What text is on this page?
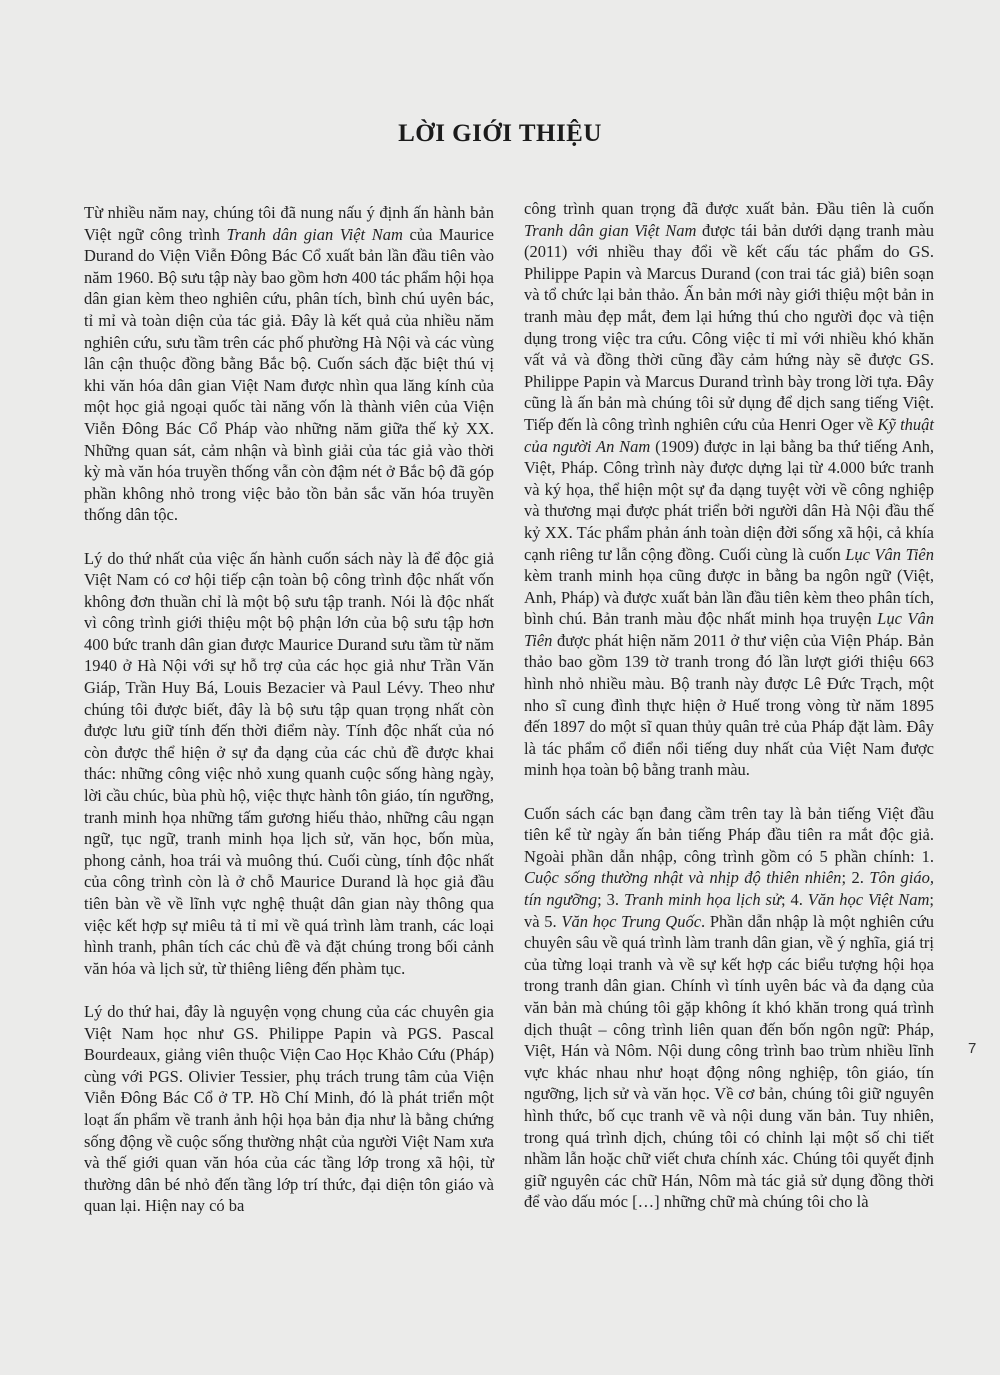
LỜI GIỚI THIỆU

Từ nhiều năm nay, chúng tôi đã nung nấu ý định ấn hành bản Việt ngữ công trình Tranh dân gian Việt Nam của Maurice Durand do Viện Viễn Đông Bác Cổ xuất bản lần đầu tiên vào năm 1960. Bộ sưu tập này bao gồm hơn 400 tác phẩm hội họa dân gian kèm theo nghiên cứu, phân tích, bình chú uyên bác, tỉ mỉ và toàn diện của tác giả. Đây là kết quả của nhiều năm nghiên cứu, sưu tầm trên các phố phường Hà Nội và các vùng lân cận thuộc đồng bằng Bắc bộ. Cuốn sách đặc biệt thú vị khi văn hóa dân gian Việt Nam được nhìn qua lăng kính của một học giả ngoại quốc tài năng vốn là thành viên của Viện Viễn Đông Bác Cổ Pháp vào những năm giữa thế kỷ XX. Những quan sát, cảm nhận và bình giải của tác giả vào thời kỳ mà văn hóa truyền thống vẫn còn đậm nét ở Bắc bộ đã góp phần không nhỏ trong việc bảo tồn bản sắc văn hóa truyền thống dân tộc.

Lý do thứ nhất của việc ấn hành cuốn sách này là để độc giả Việt Nam có cơ hội tiếp cận toàn bộ công trình độc nhất vốn không đơn thuần chỉ là một bộ sưu tập tranh. Nói là độc nhất vì công trình giới thiệu một bộ phận lớn của bộ sưu tập hơn 400 bức tranh dân gian được Maurice Durand sưu tầm từ năm 1940 ở Hà Nội với sự hỗ trợ của các học giả như Trần Văn Giáp, Trần Huy Bá, Louis Bezacier và Paul Lévy. Theo như chúng tôi được biết, đây là bộ sưu tập quan trọng nhất còn được lưu giữ tính đến thời điểm này. Tính độc nhất của nó còn được thể hiện ở sự đa dạng của các chủ đề được khai thác: những công việc nhỏ xung quanh cuộc sống hàng ngày, lời cầu chúc, bùa phù hộ, việc thực hành tôn giáo, tín ngưỡng, tranh minh họa những tấm gương hiếu thảo, những câu ngạn ngữ, tục ngữ, tranh minh họa lịch sử, văn học, bốn mùa, phong cảnh, hoa trái và muông thú. Cuối cùng, tính độc nhất của công trình còn là ở chỗ Maurice Durand là học giả đầu tiên bàn về về lĩnh vực nghệ thuật dân gian này thông qua việc kết hợp sự miêu tả tỉ mỉ về quá trình làm tranh, các loại hình tranh, phân tích các chủ đề và đặt chúng trong bối cảnh văn hóa và lịch sử, từ thiêng liêng đến phàm tục.

Lý do thứ hai, đây là nguyện vọng chung của các chuyên gia Việt Nam học như GS. Philippe Papin và PGS. Pascal Bourdeaux, giảng viên thuộc Viện Cao Học Khảo Cứu (Pháp) cùng với PGS. Olivier Tessier, phụ trách trung tâm của Viện Viễn Đông Bác Cổ ở TP. Hồ Chí Minh, đó là phát triển một loạt ấn phẩm về tranh ảnh hội họa bản địa như là bằng chứng sống động về cuộc sống thường nhật của người Việt Nam xưa và thế giới quan văn hóa của các tầng lớp trong xã hội, từ thường dân bé nhỏ đến tầng lớp trí thức, đại diện tôn giáo và quan lại. Hiện nay có ba

công trình quan trọng đã được xuất bản. Đầu tiên là cuốn Tranh dân gian Việt Nam được tái bản dưới dạng tranh màu (2011) với nhiều thay đổi về kết cấu tác phẩm do GS. Philippe Papin và Marcus Durand (con trai tác giả) biên soạn và tổ chức lại bản thảo. Ấn bản mới này giới thiệu một bản in tranh màu đẹp mắt, đem lại hứng thú cho người đọc và tiện dụng trong việc tra cứu. Công việc tỉ mỉ với nhiều khó khăn vất vả và đồng thời cũng đầy cảm hứng này sẽ được GS. Philippe Papin và Marcus Durand trình bày trong lời tựa. Đây cũng là ấn bản mà chúng tôi sử dụng để dịch sang tiếng Việt. Tiếp đến là công trình nghiên cứu của Henri Oger về Kỹ thuật của người An Nam (1909) được in lại bằng ba thứ tiếng Anh, Việt, Pháp. Công trình này được dựng lại từ 4.000 bức tranh và ký họa, thể hiện một sự đa dạng tuyệt vời về công nghiệp và thương mại được phát triển bởi người dân Hà Nội đầu thế kỷ XX. Tác phẩm phản ánh toàn diện đời sống xã hội, cả khía cạnh riêng tư lẫn cộng đồng. Cuối cùng là cuốn Lục Vân Tiên kèm tranh minh họa cũng được in bằng ba ngôn ngữ (Việt, Anh, Pháp) và được xuất bản lần đầu tiên kèm theo phân tích, bình chú. Bản tranh màu độc nhất minh họa truyện Lục Vân Tiên được phát hiện năm 2011 ở thư viện của Viện Pháp. Bản thảo bao gồm 139 tờ tranh trong đó lần lượt giới thiệu 663 hình nhỏ nhiều màu. Bộ tranh này được Lê Đức Trạch, một nho sĩ cung đình thực hiện ở Huế trong vòng từ năm 1895 đến 1897 do một sĩ quan thủy quân trẻ của Pháp đặt làm. Đây là tác phẩm cổ điển nổi tiếng duy nhất của Việt Nam được minh họa toàn bộ bằng tranh màu.

Cuốn sách các bạn đang cầm trên tay là bản tiếng Việt đầu tiên kể từ ngày ấn bản tiếng Pháp đầu tiên ra mắt độc giả. Ngoài phần dẫn nhập, công trình gồm có 5 phần chính: 1. Cuộc sống thường nhật và nhịp độ thiên nhiên; 2. Tôn giáo, tín ngưỡng; 3. Tranh minh họa lịch sử; 4. Văn học Việt Nam; và 5. Văn học Trung Quốc. Phần dẫn nhập là một nghiên cứu chuyên sâu về quá trình làm tranh dân gian, về ý nghĩa, giá trị của từng loại tranh và về sự kết hợp các biểu tượng hội họa trong tranh dân gian. Chính vì tính uyên bác và đa dạng của văn bản mà chúng tôi gặp không ít khó khăn trong quá trình dịch thuật – công trình liên quan đến bốn ngôn ngữ: Pháp, Việt, Hán và Nôm. Nội dung công trình bao trùm nhiều lĩnh vực khác nhau như hoạt động nông nghiệp, tôn giáo, tín ngưỡng, lịch sử và văn học. Về cơ bản, chúng tôi giữ nguyên hình thức, bố cục tranh vẽ và nội dung văn bản. Tuy nhiên, trong quá trình dịch, chúng tôi có chỉnh lại một số chi tiết nhầm lẫn hoặc chữ viết chưa chính xác. Chúng tôi quyết định giữ nguyên các chữ Hán, Nôm mà tác giả sử dụng đồng thời để vào dấu móc […] những chữ mà chúng tôi cho là

7
